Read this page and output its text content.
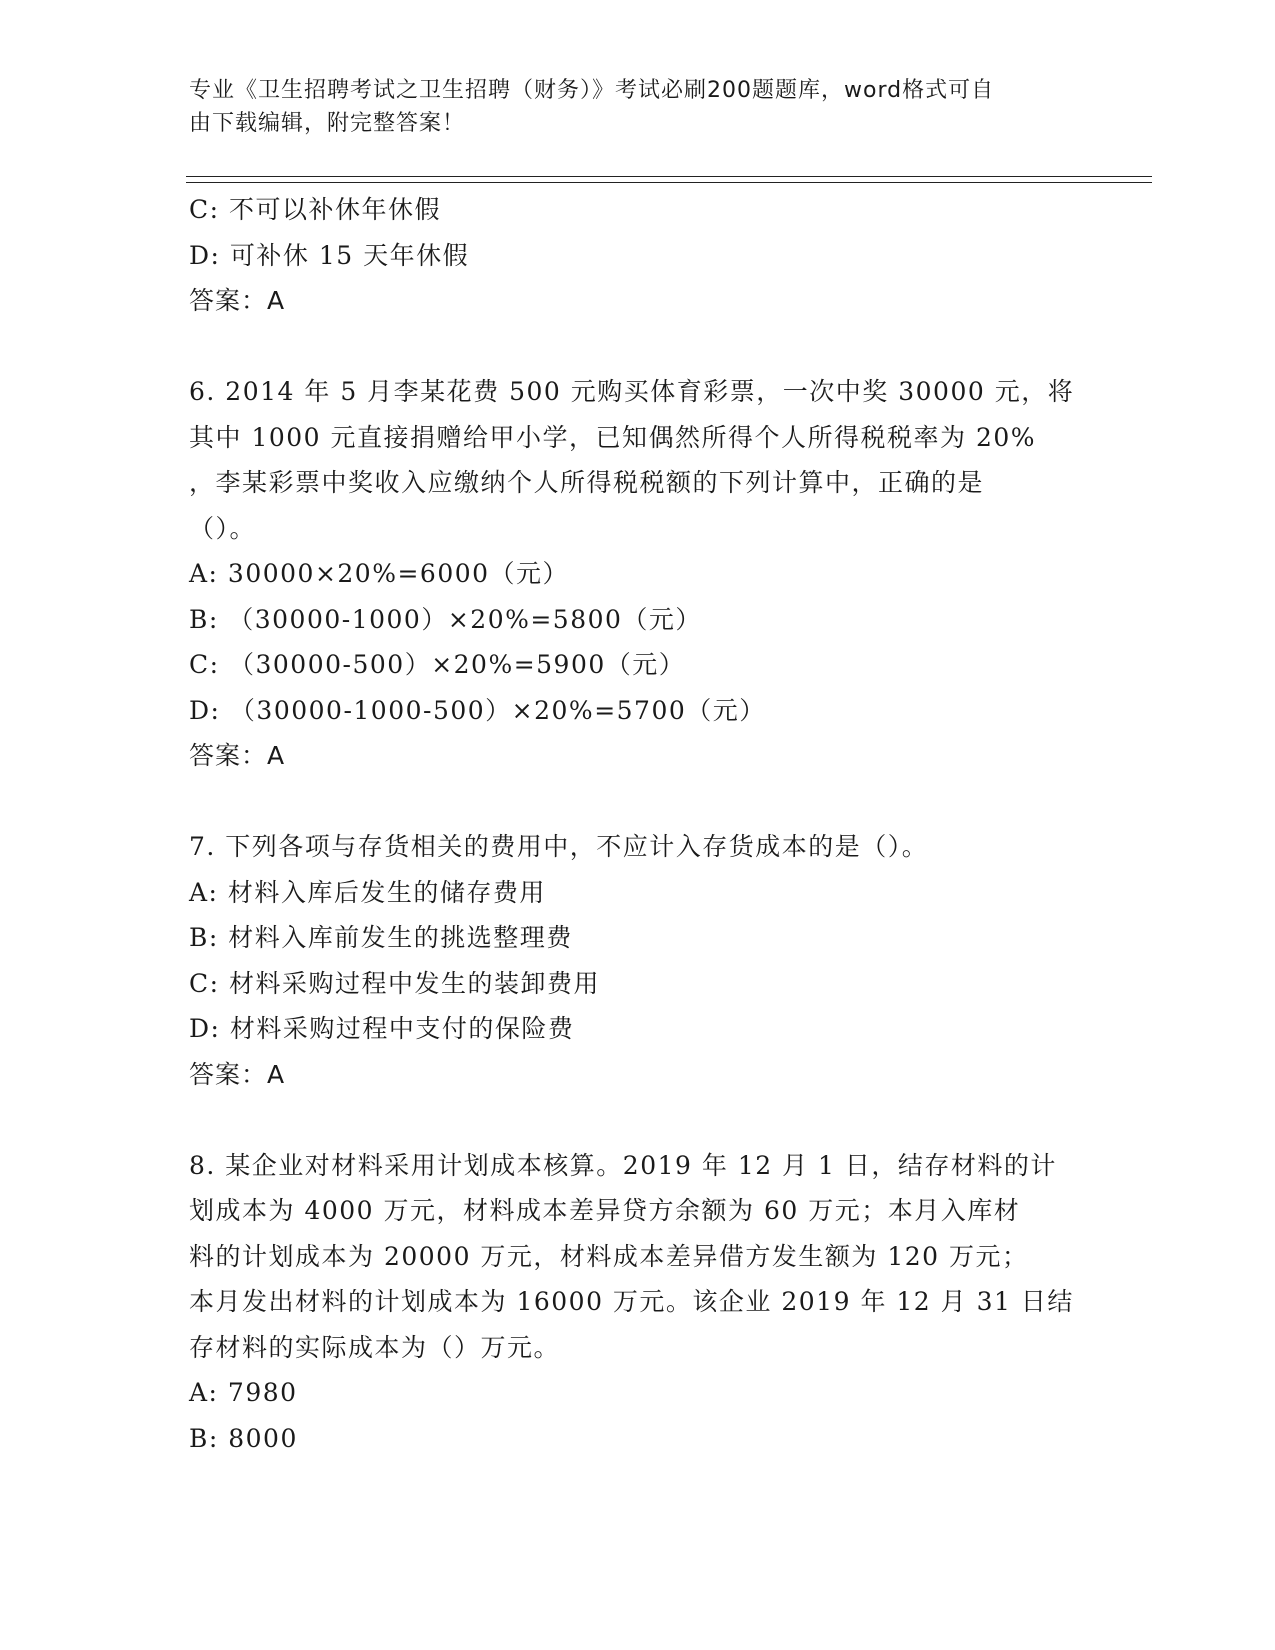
专业《卫生招聘考试之卫生招聘（财务）》考试必刷200题题库，word格式可自
由下载编辑，附完整答案！
C: 不可以补休年休假
D: 可补休 15 天年休假
答案：A
6. 2014 年 5 月李某花费 500 元购买体育彩票，一次中奖 30000 元，将
其中 1000 元直接捐赠给甲小学，已知偶然所得个人所得税税率为 20%
，李某彩票中奖收入应缴纳个人所得税税额的下列计算中，正确的是
（）。
A: 30000×20%=6000（元）
B: （30000-1000）×20%=5800（元）
C: （30000-500）×20%=5900（元）
D: （30000-1000-500）×20%=5700（元）
答案：A
7. 下列各项与存货相关的费用中，不应计入存货成本的是（）。
A: 材料入库后发生的储存费用
B: 材料入库前发生的挑选整理费
C: 材料采购过程中发生的装卸费用
D: 材料采购过程中支付的保险费
答案：A
8. 某企业对材料采用计划成本核算。2019 年 12 月 1 日，结存材料的计
划成本为 4000 万元，材料成本差异贷方余额为 60 万元；本月入库材
料的计划成本为 20000 万元，材料成本差异借方发生额为 120 万元；
本月发出材料的计划成本为 16000 万元。该企业 2019 年 12 月 31 日结
存材料的实际成本为（）万元。
A: 7980
B: 8000
